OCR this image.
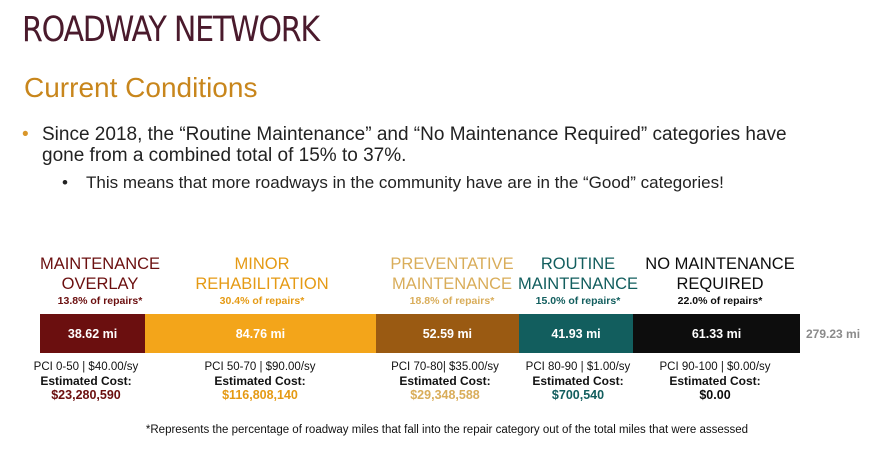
ROADWAY NETWORK
Current Conditions
• Since 2018, the “Routine Maintenance” and “No Maintenance Required” categories have gone from a combined total of 15% to 37%.
• This means that more roadways in the community have are in the “Good” categories!
279.23 mi
38.62 mi
MAINTENANCE
OVERLAY
13.8% of repairs*
PCI 0-50 | $40.00/sy
Estimated Cost:
$23,280,590
84.76 mi
MINOR
REHABILITATION
30.4% of repairs*
PCI 50-70 | $90.00/sy
Estimated Cost:
$116,808,140
52.59 mi
PREVENTATIVE
MAINTENANCE
18.8% of repairs*
PCI 70-80| $35.00/sy
Estimated Cost:
$29,348,588
41.93 mi
ROUTINE
MAINTENANCE
15.0% of repairs*
PCI 80-90 | $1.00/sy
Estimated Cost:
$700,540
61.33 mi
NO MAINTENANCE
REQUIRED
22.0% of repairs*
PCI 90-100 | $0.00/sy
Estimated Cost:
$0.00
*Represents the percentage of roadway miles that fall into the repair category out of the total miles that were assessed
